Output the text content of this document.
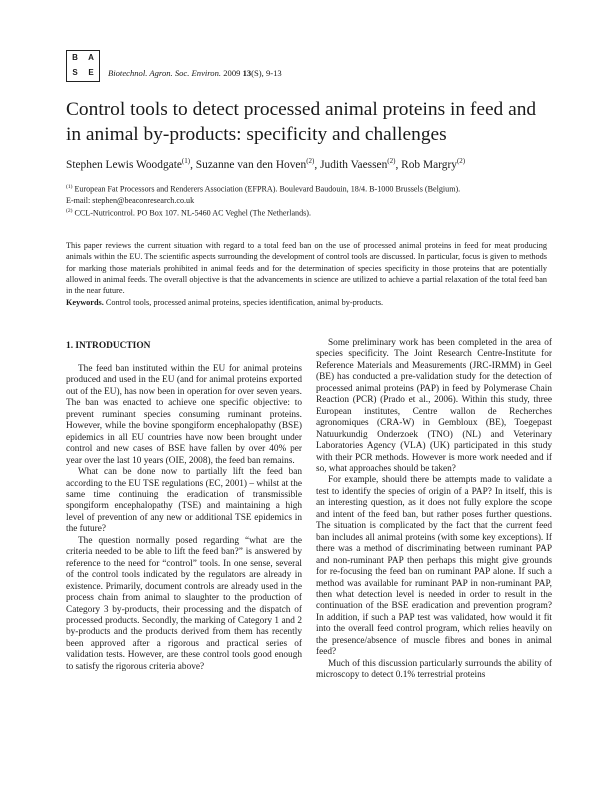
B	A
S	E	Biotechnol. Agron. Soc. Environ. 2009 13(S), 9-13
Control tools to detect processed animal proteins in feed and in animal by-products: specificity and challenges
Stephen Lewis Woodgate$^{(1)}$, Suzanne van den Hoven$^{(2)}$, Judith Vaessen$^{(2)}$, Rob Margry$^{(2)}$
$^{(1)}$ European Fat Processors and Renderers Association (EFPRA). Boulevard Baudouin, 18/4. B-1000 Brussels (Belgium).
E-mail: stephen@beaconresearch.co.uk
$^{(2)}$ CCL-Nutricontrol. PO Box 107. NL-5460 AC Veghel (The Netherlands).

This paper reviews the current situation with regard to a total feed ban on the use of processed animal proteins in feed for meat producing animals within the EU. The scientific aspects surrounding the development of control tools are discussed. In particular, focus is given to methods for marking those materials prohibited in animal feeds and for the determination of species specificity in those proteins that are potentially allowed in animal feeds. The overall objective is that the advancements in science are utilized to achieve a partial relaxation of the total feed ban in the near future.

Keywords. Control tools, processed animal proteins, species identification, animal by-products.

1. INTRODUCTION

The feed ban instituted within the EU for animal proteins produced and used in the EU (and for animal proteins exported out of the EU), has now been in operation for over seven years. The ban was enacted to achieve one specific objective: to prevent ruminant species consuming ruminant proteins. However, while the bovine spongiform encephalopathy (BSE) epidemics in all EU countries have now been brought under control and new cases of BSE have fallen by over 40% per year over the last 10 years (OIE, 2008), the feed ban remains.

What can be done now to partially lift the feed ban according to the EU TSE regulations (EC, 2001) – whilst at the same time continuing the eradication of transmissible spongiform encephalopathy (TSE) and maintaining a high level of prevention of any new or additional TSE epidemics in the future?

The question normally posed regarding “what are the criteria needed to be able to lift the feed ban?” is answered by reference to the need for “control” tools. In one sense, several of the control tools indicated by the regulators are already in existence. Primarily, document controls are already used in the process chain from animal to slaughter to the production of Category 3 by-products, their processing and the dispatch of processed products. Secondly, the marking of Category 1 and 2 by-products and the products derived from them has recently been approved after a rigorous and practical series of validation tests. However, are these control tools good enough to satisfy the rigorous criteria above?

Some preliminary work has been completed in the area of species specificity. The Joint Research Centre-Institute for Reference Materials and Measurements (JRC-IRMM) in Geel (BE) has conducted a pre-validation study for the detection of processed animal proteins (PAP) in feed by Polymerase Chain Reaction (PCR) (Prado et al., 2006). Within this study, three European institutes, Centre wallon de Recherches agronomiques (CRA-W) in Gembloux (BE), Toegepast Natuurkundig Onderzoek (TNO) (NL) and Veterinary Laboratories Agency (VLA) (UK) participated in this study with their PCR methods. However is more work needed and if so, what approaches should be taken?

For example, should there be attempts made to validate a test to identify the species of origin of a PAP? In itself, this is an interesting question, as it does not fully explore the scope and intent of the feed ban, but rather poses further questions. The situation is complicated by the fact that the current feed ban includes all animal proteins (with some key exceptions). If there was a method of discriminating between ruminant PAP and non-ruminant PAP then perhaps this might give grounds for re-focusing the feed ban on ruminant PAP alone. If such a method was available for ruminant PAP in non-ruminant PAP, then what detection level is needed in order to result in the continuation of the BSE eradication and prevention program? In addition, if such a PAP test was validated, how would it fit into the overall feed control program, which relies heavily on the presence/absence of muscle fibres and bones in animal feed?

Much of this discussion particularly surrounds the ability of microscopy to detect 0.1% terrestrial proteins
